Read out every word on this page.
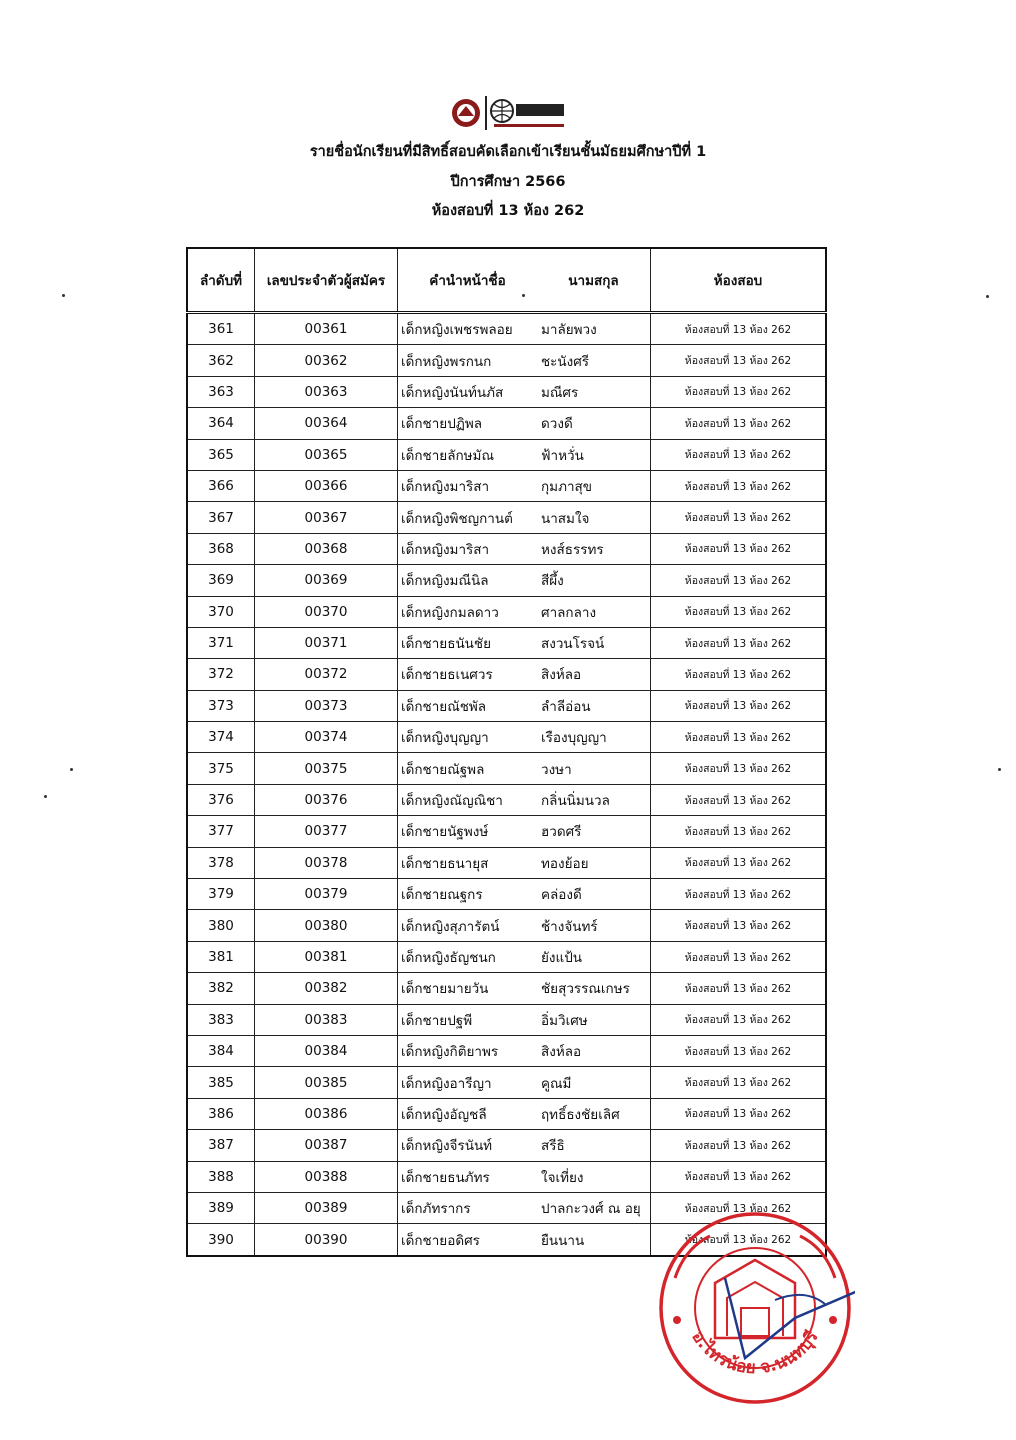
รายชื่อนักเรียนที่มีสิทธิ์สอบคัดเลือกเข้าเรียนชั้นมัธยมศึกษาปีที่ 1
ปีการศึกษา 2566
ห้องสอบที่ 13 ห้อง 262
ลำดับที่	เลขประจำตัวผู้สมัคร	คำนำหน้าชื่อ นามสกุล	ห้องสอบ
361	00361	เด็กหญิงเพชรพลอย มาลัยพวง	ห้องสอบที่ 13 ห้อง 262
362	00362	เด็กหญิงพรกนก ชะนังศรี	ห้องสอบที่ 13 ห้อง 262
363	00363	เด็กหญิงนันท์นภัส มณีศร	ห้องสอบที่ 13 ห้อง 262
364	00364	เด็กชายปฏิพล ดวงดี	ห้องสอบที่ 13 ห้อง 262
365	00365	เด็กชายลักษมัณ ฟ้าหวั่น	ห้องสอบที่ 13 ห้อง 262
366	00366	เด็กหญิงมาริสา กุมภาสุข	ห้องสอบที่ 13 ห้อง 262
367	00367	เด็กหญิงพิชญกานต์ นาสมใจ	ห้องสอบที่ 13 ห้อง 262
368	00368	เด็กหญิงมาริสา หงส์ธรรทร	ห้องสอบที่ 13 ห้อง 262
369	00369	เด็กหญิงมณีนิล สีผึ้ง	ห้องสอบที่ 13 ห้อง 262
370	00370	เด็กหญิงกมลดาว ศาลกลาง	ห้องสอบที่ 13 ห้อง 262
371	00371	เด็กชายธนันชัย สงวนโรจน์	ห้องสอบที่ 13 ห้อง 262
372	00372	เด็กชายธเนศวร สิงห์ลอ	ห้องสอบที่ 13 ห้อง 262
373	00373	เด็กชายณัชพัล ลำลีอ่อน	ห้องสอบที่ 13 ห้อง 262
374	00374	เด็กหญิงบุญญา เรืองบุญญา	ห้องสอบที่ 13 ห้อง 262
375	00375	เด็กชายณัฐพล วงษา	ห้องสอบที่ 13 ห้อง 262
376	00376	เด็กหญิงณัญณิชา กลิ่นนิ่มนวล	ห้องสอบที่ 13 ห้อง 262
377	00377	เด็กชายนัฐพงษ์ ฮวดศรี	ห้องสอบที่ 13 ห้อง 262
378	00378	เด็กชายธนายุส ทองย้อย	ห้องสอบที่ 13 ห้อง 262
379	00379	เด็กชายณฐกร คล่องดี	ห้องสอบที่ 13 ห้อง 262
380	00380	เด็กหญิงสุภารัตน์ ช้างจันทร์	ห้องสอบที่ 13 ห้อง 262
381	00381	เด็กหญิงธัญชนก ยังแป้น	ห้องสอบที่ 13 ห้อง 262
382	00382	เด็กชายมายวัน ชัยสุวรรณเกษร	ห้องสอบที่ 13 ห้อง 262
383	00383	เด็กชายปฐพี อิ่มวิเศษ	ห้องสอบที่ 13 ห้อง 262
384	00384	เด็กหญิงกิติยาพร สิงห์ลอ	ห้องสอบที่ 13 ห้อง 262
385	00385	เด็กหญิงอารีญา คูณมี	ห้องสอบที่ 13 ห้อง 262
386	00386	เด็กหญิงอัญชลี ฤทธิ์ธงชัยเลิศ	ห้องสอบที่ 13 ห้อง 262
387	00387	เด็กหญิงจีรนันท์ สรีธิ	ห้องสอบที่ 13 ห้อง 262
388	00388	เด็กชายธนภัทร ใจเที่ยง	ห้องสอบที่ 13 ห้อง 262
389	00389	เด็กภัทรากร ปาลกะวงศ์ ณ อยุ	ห้องสอบที่ 13 ห้อง 262
390	00390	เด็กชายอดิศร ยืนนาน	ห้องสอบที่ 13 ห้อง 262
อ.ไทรน้อย จ.นนทบุรี
